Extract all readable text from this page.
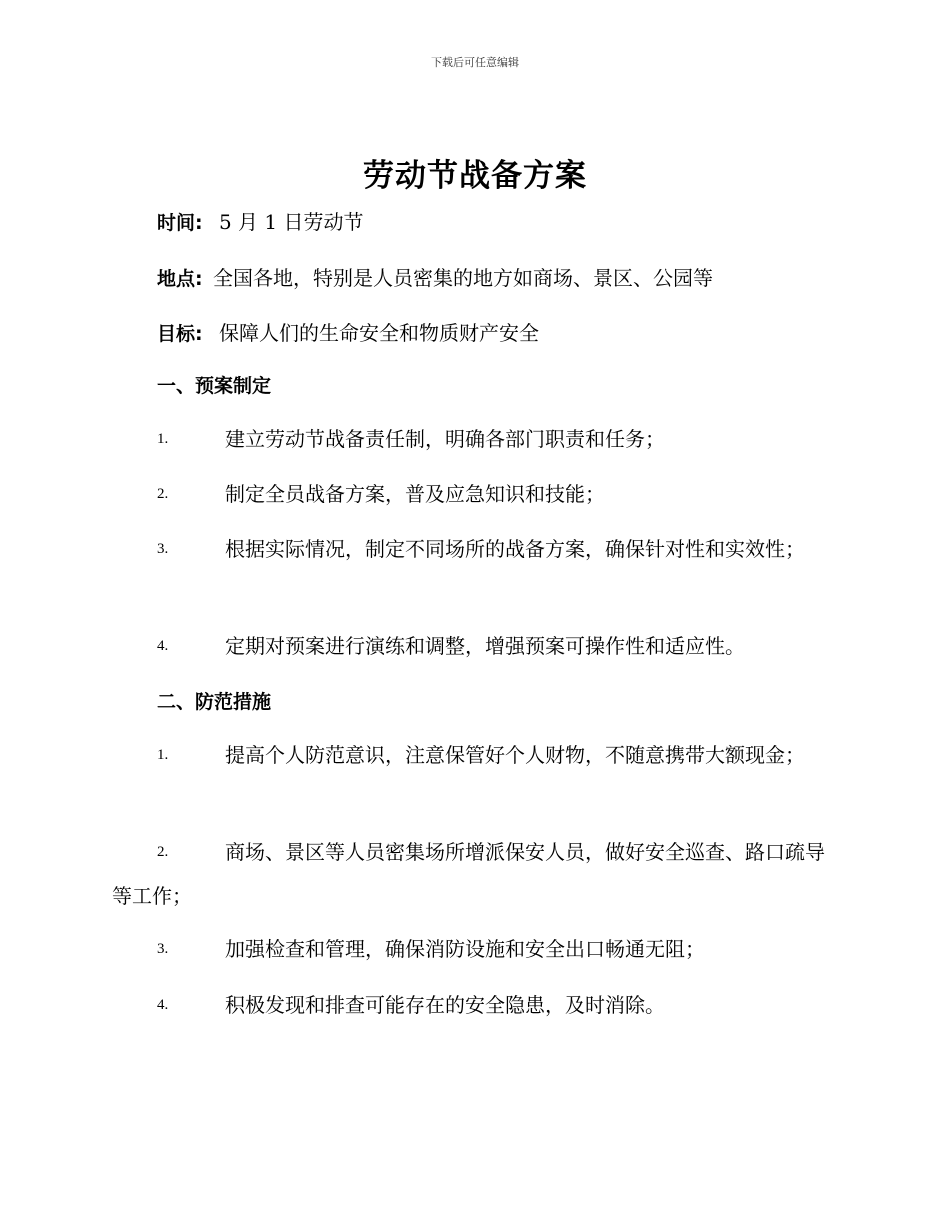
下载后可任意编辑
劳动节战备方案
时间: 5 月 1 日劳动节
地点: 全国各地，特别是人员密集的地方如商场、景区、公园等
目标: 保障人们的生命安全和物质财产安全
一、预案制定
1.	建立劳动节战备责任制，明确各部门职责和任务；
2.	制定全员战备方案，普及应急知识和技能；
3.	根据实际情况，制定不同场所的战备方案，确保针对性和实效性；
4.	定期对预案进行演练和调整，增强预案可操作性和适应性。
二、防范措施
1.	提高个人防范意识，注意保管好个人财物，不随意携带大额现金；
2.	商场、景区等人员密集场所增派保安人员，做好安全巡查、路口疏导等工作；
3.	加强检查和管理，确保消防设施和安全出口畅通无阻；
4.	积极发现和排查可能存在的安全隐患，及时消除。
